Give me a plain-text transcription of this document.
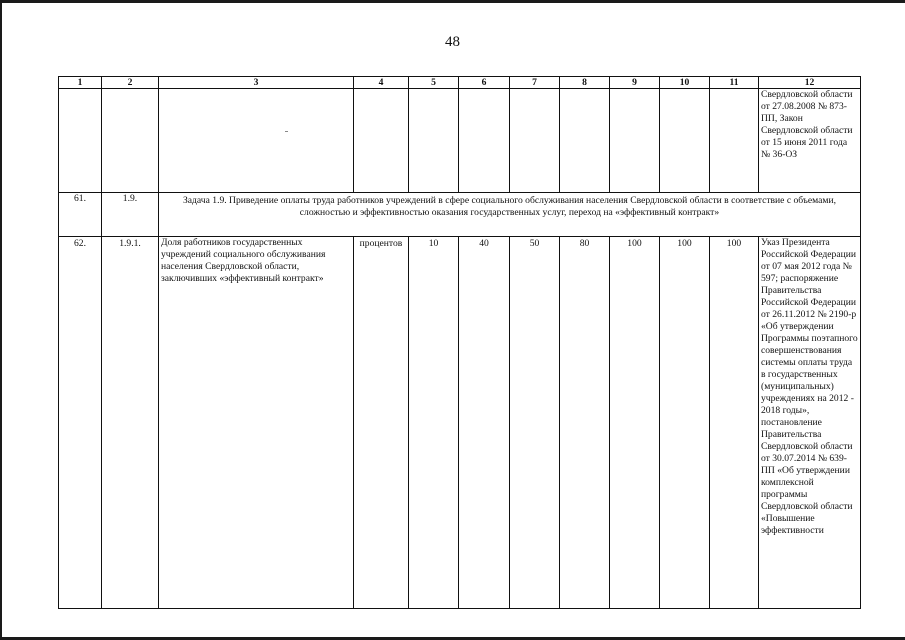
48
1	2	3	4	5	6	7	8	9	10	11	12
											Свердловской области от 27.08.2008 № 873-ПП, Закон Свердловской области от 15 июня 2011 года № 36-ОЗ
61.	1.9.	Задача 1.9. Приведение оплаты труда работников учреждений в сфере социального обслуживания населения Свердловской области в соответствие с объемами, сложностью и эффективностью оказания государственных услуг, переход на «эффективный контракт»									
62.	1.9.1.	Доля работников государственных учреждений социального обслуживания населения Свердловской области, заключивших «эффективный контракт»	процентов	10	40	50	80	100	100	100	Указ Президента Российской Федерации от 07 мая 2012 года № 597; распоряжение Правительства Российской Федерации от 26.11.2012 № 2190-р «Об утверждении Программы поэтапного совершенствования системы оплаты труда в государственных (муниципальных) учреждениях на 2012 - 2018 годы», постановление Правительства Свердловской области от 30.07.2014 № 639-ПП «Об утверждении комплексной программы Свердловской области «Повышение эффективности
